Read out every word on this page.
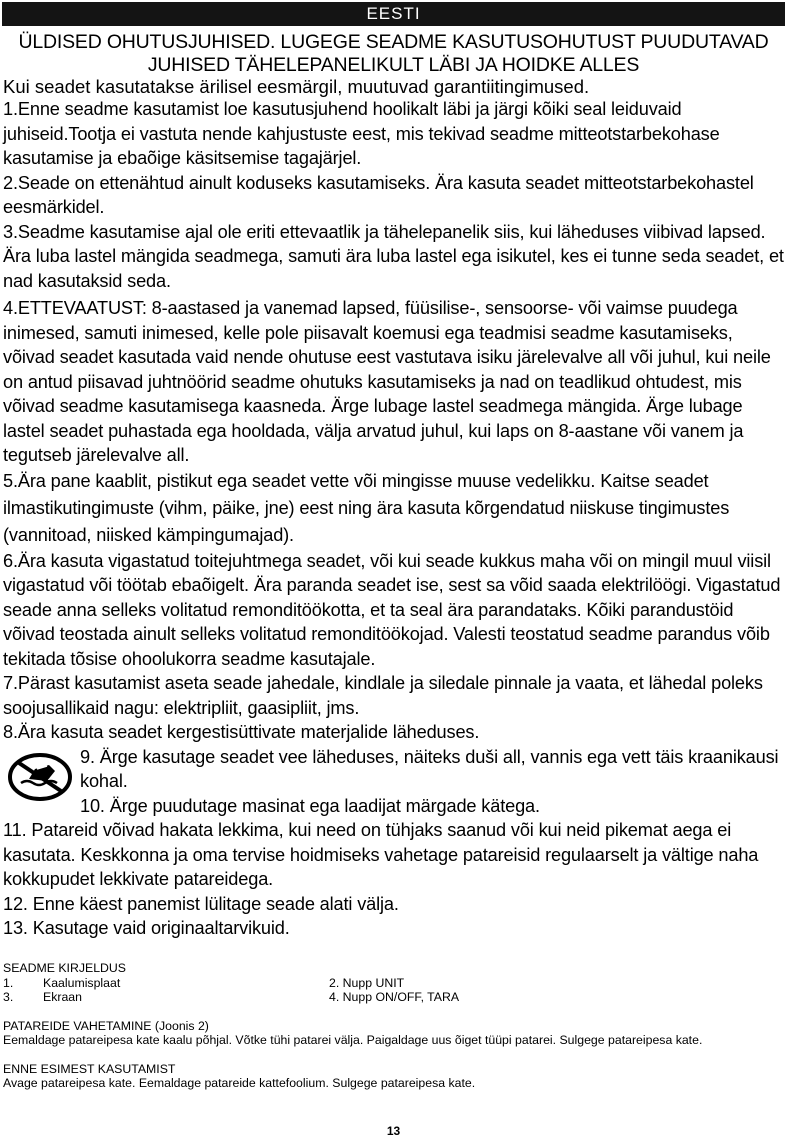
EESTI
ÜLDISED OHUTUSJUHISED. LUGEGE SEADME KASUTUSOHUTUST PUUDUTAVAD
JUHISED TÄHELEPANELIKULT LÄBI JA HOIDKE ALLES
Kui seadet kasutatakse ärilisel eesmärgil, muutuvad garantiitingimused.

1.Enne seadme kasutamist loe kasutusjuhend hoolikalt läbi ja järgi kõiki seal leiduvaid juhiseid.Tootja ei vastuta nende kahjustuste eest, mis tekivad seadme mitteotstarbekohase kasutamise ja ebaõige käsitsemise tagajärjel.

2.Seade on ettenähtud ainult koduseks kasutamiseks. Ära kasuta seadet mitteotstarbekohastel eesmärkidel.

3.Seadme kasutamise ajal ole eriti ettevaatlik ja tähelepanelik siis, kui läheduses viibivad lapsed. Ära luba lastel mängida seadmega, samuti ära luba lastel ega isikutel, kes ei tunne seda seadet, et nad kasutaksid seda.

4.ETTEVAATUST: 8-aastased ja vanemad lapsed, füüsilise-, sensoorse- või vaimse puudega inimesed, samuti inimesed, kelle pole piisavalt koemusi ega teadmisi seadme kasutamiseks, võivad seadet kasutada vaid nende ohutuse eest vastutava isiku järelevalve all või juhul, kui neile on antud piisavad juhtnöörid seadme ohutuks kasutamiseks ja nad on teadlikud ohtudest, mis võivad seadme kasutamisega kaasneda. Ärge lubage lastel seadmega mängida. Ärge lubage lastel seadet puhastada ega hooldada, välja arvatud juhul, kui laps on 8-aastane või vanem ja tegutseb järelevalve all.

5.Ära pane kaablit, pistikut ega seadet vette või mingisse muuse vedelikku. Kaitse seadet ilmastikutingimuste (vihm, päike, jne) eest ning ära kasuta kõrgendatud niiskuse tingimustes (vannitoad, niisked kämpingumajad).

6.Ära kasuta vigastatud toitejuhtmega seadet, või kui seade kukkus maha või on mingil muul viisil vigastatud või töötab ebaõigelt. Ära paranda seadet ise, sest sa võid saada elektrilöögi. Vigastatud seade anna selleks volitatud remonditöökotta, et ta seal ära parandataks. Kõiki parandustöid võivad teostada ainult selleks volitatud remonditöökojad. Valesti teostatud seadme parandus võib tekitada tõsise ohoolukorra seadme kasutajale.

7.Pärast kasutamist aseta seade jahedale, kindlale ja siledale pinnale ja vaata, et lähedal poleks soojusallikaid nagu: elektripliit, gaasipliit, jms.

8.Ära kasuta seadet kergestisüttivate materjalide läheduses.

9. Ärge kasutage seadet vee läheduses, näiteks duši all, vannis ega vett täis kraanikausi kohal.

10. Ärge puudutage masinat ega laadijat märgade kätega.

11. Patareid võivad hakata lekkima, kui need on tühjaks saanud või kui neid pikemat aega ei kasutata. Keskkonna ja oma tervise hoidmiseks vahetage patareisid regulaarselt ja vältige naha kokkupudet lekkivate patareidega.

12. Enne käest panemist lülitage seade alati välja.

13. Kasutage vaid originaaltarvikuid.

SEADME KIRJELDUS

1.	Kaalumisplaat	2. Nupp UNIT
3.	Ekraan	4. Nupp ON/OFF, TARA

PATAREIDE VAHETAMINE (Joonis 2)

Eemaldage patareipesa kate kaalu põhjal. Võtke tühi patarei välja. Paigaldage uus õiget tüüpi patarei. Sulgege patareipesa kate.

ENNE ESIMEST KASUTAMIST

Avage patareipesa kate. Eemaldage patareide kattefoolium. Sulgege patareipesa kate.

13
